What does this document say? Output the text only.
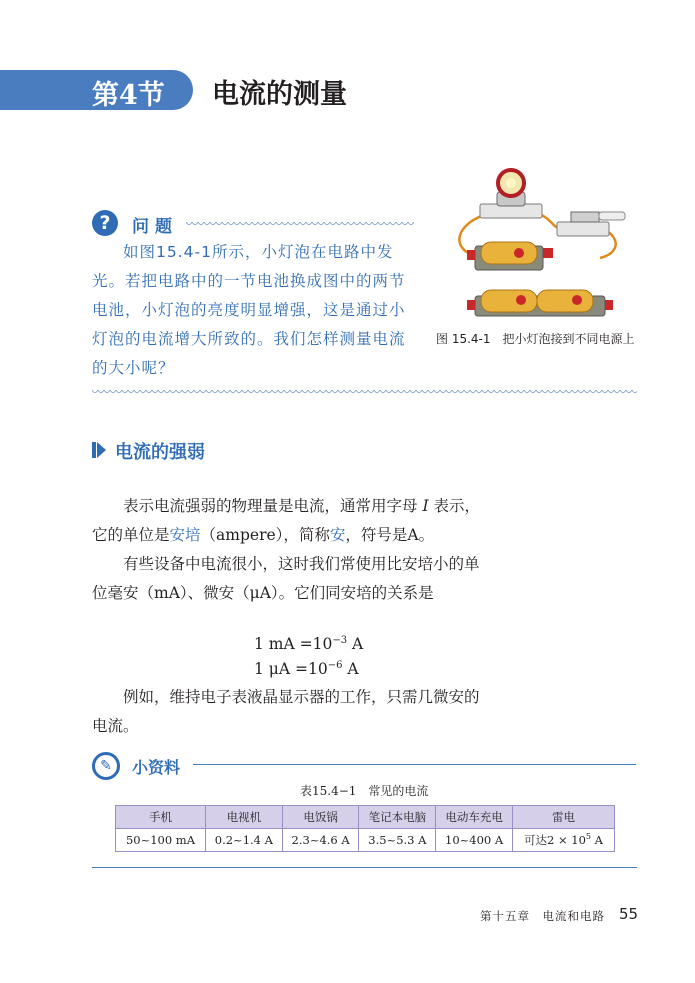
第4节 电流的测量
?	问题

如图15.4-1所示，小灯泡在电路中发光。若把电路中的一节电池换成图中的两节电池，小灯泡的亮度明显增强，这是通过小灯泡的电流增大所致的。我们怎样测量电流的大小呢？

图 15.4-1　把小灯泡接到不同电源上
电流的强弱

表示电流强弱的物理量是电流，通常用字母 I 表示，它的单位是安培（ampere），简称安，符号是A。

有些设备中电流很小，这时我们常使用比安培小的单位毫安（mA）、微安（μA）。它们同安培的关系是

1 mA $=10^{-3}$ A
1 $\mu A =10^{-6}$ A

例如，维持电子表液晶显示器的工作，只需几微安的电流。

✎	小资料
表15.4−1　常见的电流
手机	电视机	电饭锅	笔记本电脑	电动车充电	雷电
50~100 mA	0.2~1.4 A	2.3~4.6 A	3.5~5.3 A	10~400 A	可达$2 \times 10^5$ A
第十五章　电流和电路 55
